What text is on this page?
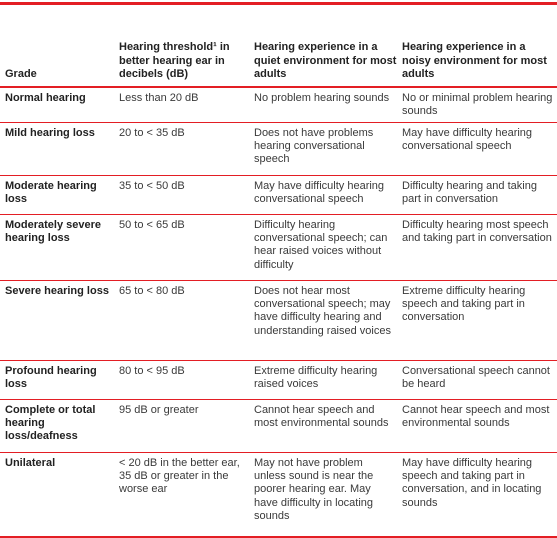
Grade	Hearing threshold¹ in better hearing ear in decibels (dB)	Hearing experience in a quiet environment for most adults	Hearing experience in a noisy environment for most adults
Normal hearing	Less than 20 dB	No problem hearing sounds	No or minimal problem hearing sounds
Mild hearing loss	20 to < 35 dB	Does not have problems hearing conversational speech	May have difficulty hearing conversational speech
Moderate hearing loss	35 to < 50 dB	May have difficulty hearing conversational speech	Difficulty hearing and taking part in conversation
Moderately severe hearing loss	50 to < 65 dB	Difficulty hearing conversational speech; can hear raised voices without difficulty	Difficulty hearing most speech and taking part in conversation
Severe hearing loss	65 to < 80 dB	Does not hear most conversational speech; may have difficulty hearing and understanding raised voices	Extreme difficulty hearing speech and taking part in conversation
Profound hearing loss	80 to < 95 dB	Extreme difficulty hearing raised voices	Conversational speech cannot be heard
Complete or total hearing loss/deafness	95 dB or greater	Cannot hear speech and most environmental sounds	Cannot hear speech and most environmental sounds
Unilateral	< 20 dB in the better ear, 35 dB or greater in the worse ear	May not have problem unless sound is near the poorer hearing ear. May have difficulty in locating sounds	May have difficulty hearing speech and taking part in conversation, and in locating sounds
